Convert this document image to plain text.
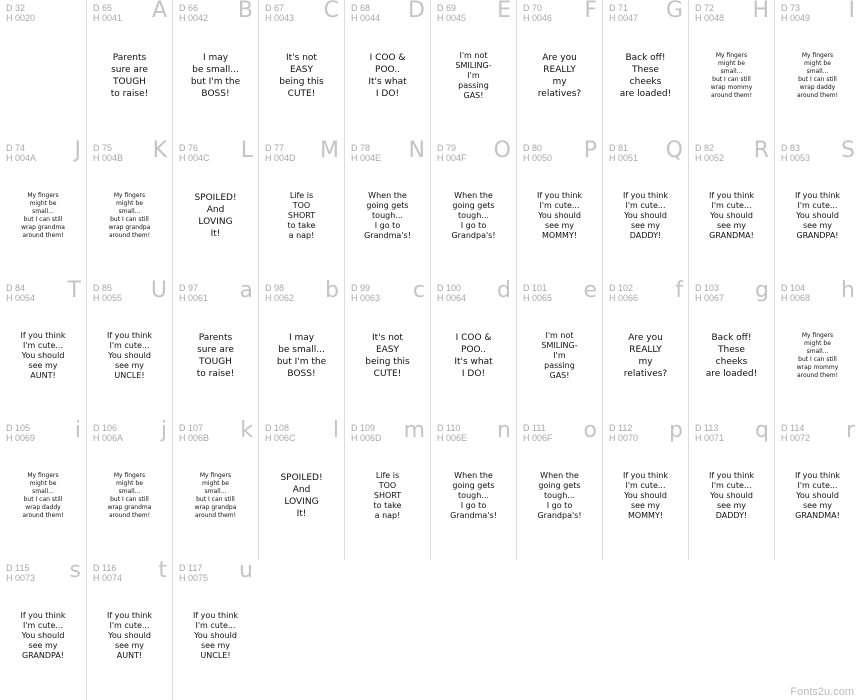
D 32
H 0020
D 65
H 0041 A
Parents
sure are
TOUGH
to raise!
D 66
H 0042 B
I may
be small...
but I'm the
BOSS!
D 67
H 0043 C
It's not
EASY
being this
CUTE!
D 68
H 0044 D
I COO &
POO..
It's what
I DO!
D 69
H 0045 E
I'm not
SMILING-
I'm
passing
GAS!
D 70
H 0046 F
Are you
REALLY
my
relatives?
D 71
H 0047 G
Back off!
These
cheeks
are loaded!
D 72
H 0048 H
My fingers
might be
small...
but I can still
wrap mommy
around them!
D 73
H 0049 I
My fingers
might be
small...
but I can still
wrap daddy
around them!
D 74
H 004A J
My fingers
might be
small...
but I can still
wrap grandma
around them!
D 75
H 004B K
My fingers
might be
small...
but I can still
wrap grandpa
around them!
D 76
H 004C L
SPOILED!
And
LOVING
It!
D 77
H 004D M
Life is
TOO
SHORT
to take
a nap!
D 78
H 004E N
When the
going gets
tough...
I go to
Grandma's!
D 79
H 004F O
When the
going gets
tough...
I go to
Grandpa's!
D 80
H 0050 P
If you think
I'm cute...
You should
see my
MOMMY!
D 81
H 0051 Q
If you think
I'm cute...
You should
see my
DADDY!
D 82
H 0052 R
If you think
I'm cute...
You should
see my
GRANDMA!
D 83
H 0053 S
If you think
I'm cute...
You should
see my
GRANDPA!
D 84
H 0054 T
If you think
I'm cute...
You should
see my
AUNT!
D 85
H 0055 U
If you think
I'm cute...
You should
see my
UNCLE!
D 97
H 0061 a
Parents
sure are
TOUGH
to raise!
D 98
H 0062 b
I may
be small...
but I'm the
BOSS!
D 99
H 0063 c
It's not
EASY
being this
CUTE!
D 100
H 0064 d
I COO &
POO..
It's what
I DO!
D 101
H 0065 e
I'm not
SMILING-
I'm
passing
GAS!
D 102
H 0066 f
Are you
REALLY
my
relatives?
D 103
H 0067 g
Back off!
These
cheeks
are loaded!
D 104
H 0068 h
My fingers
might be
small...
but I can still
wrap mommy
around them!
D 105
H 0069 i
My fingers
might be
small...
but I can still
wrap daddy
around them!
D 106
H 006A j
My fingers
might be
small...
but I can still
wrap grandma
around them!
D 107
H 006B k
My fingers
might be
small...
but I can still
wrap grandpa
around them!
D 108
H 006C l
SPOILED!
And
LOVING
It!
D 109
H 006D m
Life is
TOO
SHORT
to take
a nap!
D 110
H 006E n
When the
going gets
tough...
I go to
Grandma's!
D 111
H 006F o
When the
going gets
tough...
I go to
Grandpa's!
D 112
H 0070 p
If you think
I'm cute...
You should
see my
MOMMY!
D 113
H 0071 q
If you think
I'm cute...
You should
see my
DADDY!
D 114
H 0072 r
If you think
I'm cute...
You should
see my
GRANDMA!
D 115
H 0073 s
If you think
I'm cute...
You should
see my
GRANDPA!
D 116
H 0074 t
If you think
I'm cute...
You should
see my
AUNT!
D 117
H 0075 u
If you think
I'm cute...
You should
see my
UNCLE!
Fonts2u.com
